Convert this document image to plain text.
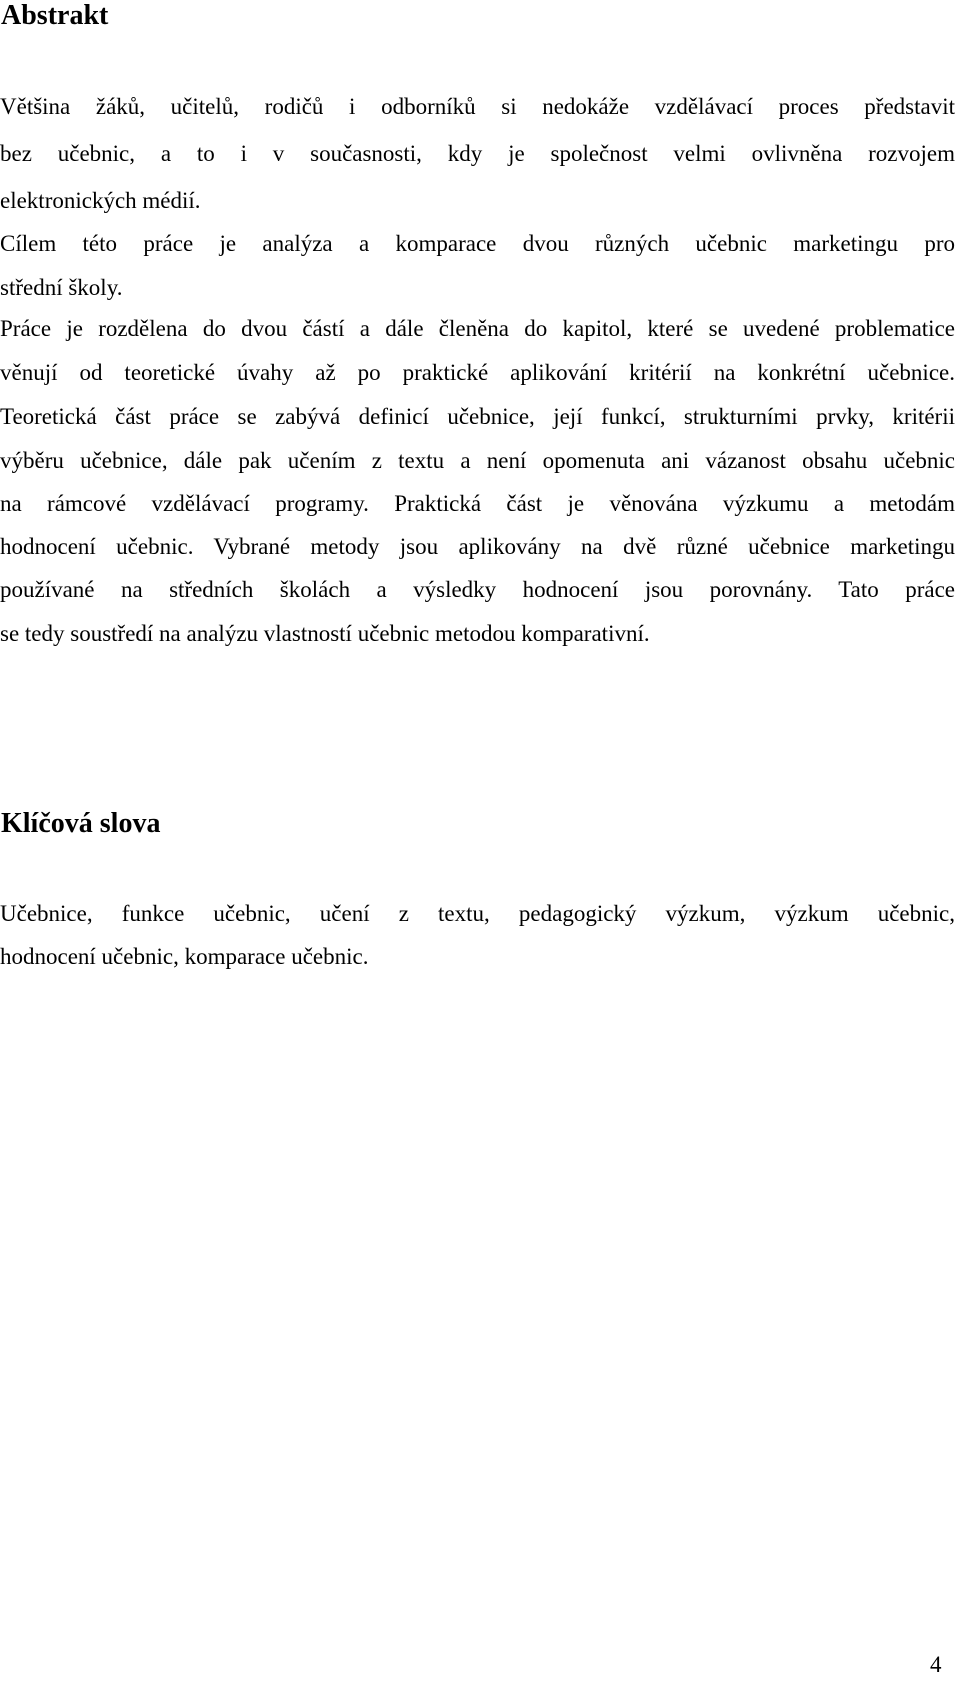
Abstrakt

Většina žáků, učitelů, rodičů i odborníků si nedokáže vzdělávací proces představit

bez učebnic, a to i v současnosti, kdy je společnost velmi ovlivněna rozvojem

elektronických médií.

Cílem této práce je analýza a komparace dvou různých učebnic marketingu pro

střední školy.

Práce je rozdělena do dvou částí a dále členěna do kapitol, které se uvedené problematice

věnují od teoretické úvahy až po praktické aplikování kritérií na konkrétní učebnice.

Teoretická část práce se zabývá definicí učebnice, její funkcí, strukturními prvky, kritérii

výběru učebnice, dále pak učením z textu a není opomenuta ani vázanost obsahu učebnic

na rámcové vzdělávací programy. Praktická část je věnována výzkumu a metodám

hodnocení učebnic. Vybrané metody jsou aplikovány na dvě různé učebnice marketingu

používané na středních školách a výsledky hodnocení jsou porovnány. Tato práce

se tedy soustředí na analýzu vlastností učebnic metodou komparativní.

Klíčová slova

Učebnice, funkce učebnic, učení z textu, pedagogický výzkum, výzkum učebnic,

hodnocení učebnic, komparace učebnic.

4
